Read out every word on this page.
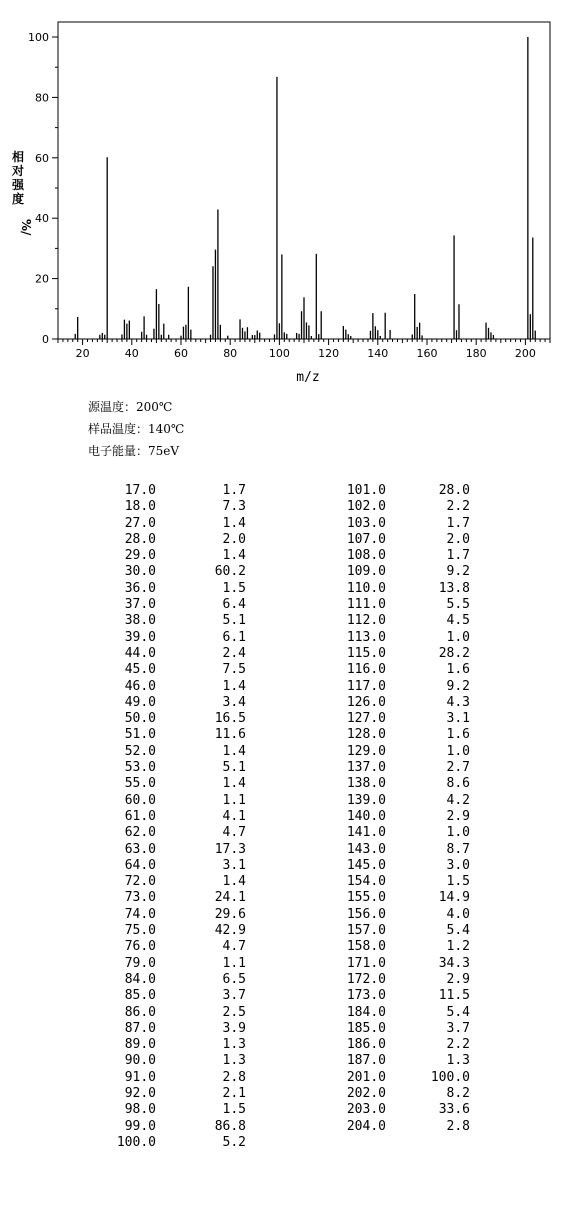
0
20
40
60
80
100
20	40	60	80	100	120	140	160	180	200
m/z
相
对
强
度
%/
源温度：200℃
样品温度：140℃
电子能量：75eV
17.0	1.7
18.0	7.3
27.0	1.4
28.0	2.0
29.0	1.4
30.0	60.2
36.0	1.5
37.0	6.4
38.0	5.1
39.0	6.1
44.0	2.4
45.0	7.5
46.0	1.4
49.0	3.4
50.0	16.5
51.0	11.6
52.0	1.4
53.0	5.1
55.0	1.4
60.0	1.1
61.0	4.1
62.0	4.7
63.0	17.3
64.0	3.1
72.0	1.4
73.0	24.1
74.0	29.6
75.0	42.9
76.0	4.7
79.0	1.1
84.0	6.5
85.0	3.7
86.0	2.5
87.0	3.9
89.0	1.3
90.0	1.3
91.0	2.8
92.0	2.1
98.0	1.5
99.0	86.8
100.0	5.2
101.0	28.0
102.0	2.2
103.0	1.7
107.0	2.0
108.0	1.7
109.0	9.2
110.0	13.8
111.0	5.5
112.0	4.5
113.0	1.0
115.0	28.2
116.0	1.6
117.0	9.2
126.0	4.3
127.0	3.1
128.0	1.6
129.0	1.0
137.0	2.7
138.0	8.6
139.0	4.2
140.0	2.9
141.0	1.0
143.0	8.7
145.0	3.0
154.0	1.5
155.0	14.9
156.0	4.0
157.0	5.4
158.0	1.2
171.0	34.3
172.0	2.9
173.0	11.5
184.0	5.4
185.0	3.7
186.0	2.2
187.0	1.3
201.0	100.0
202.0	8.2
203.0	33.6
204.0	2.8
